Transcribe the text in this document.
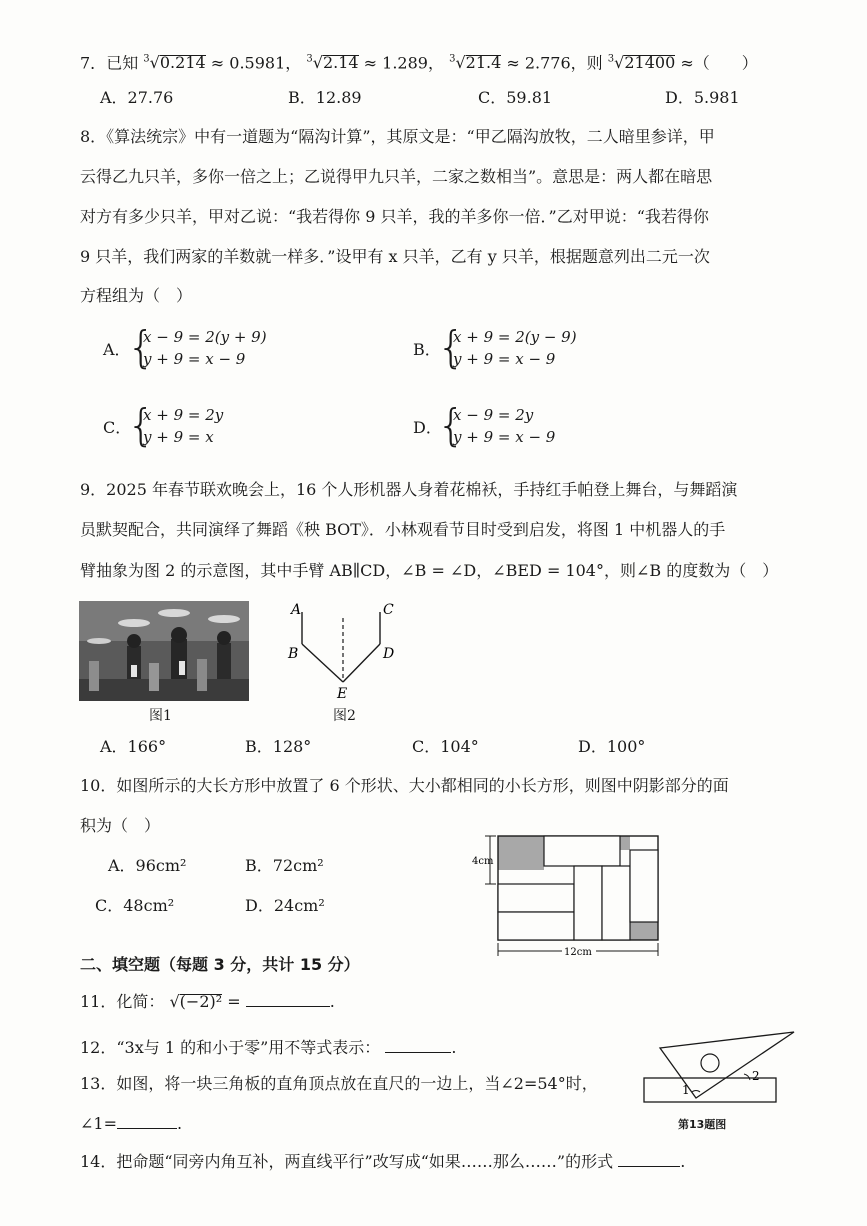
7．已知 $^3$√
0.214 ≈ 0.5981， $^3$√
2.14 ≈ 1.289， $^3$√
21.4 ≈ 2.776，则 $^3$√
21400 ≈（　　）
A．27.76	B．12.89	C．59.81	D．5.981
8．《算法统宗》中有一道题为“隔沟计算”，其原文是：“甲乙隔沟放牧，二人暗里参详，甲
云得乙九只羊，多你一倍之上；乙说得甲九只羊，二家之数相当”。意思是：两人都在暗思
对方有多少只羊，甲对乙说：“我若得你 9 只羊，我的羊多你一倍．”乙对甲说：“我若得你
9 只羊，我们两家的羊数就一样多．”设甲有 x 只羊，乙有 y 只羊，根据题意列出二元一次
方程组为（　）
A．
{
x − 9 = 2(y + 9)
y + 9 = x − 9	B．
{
x + 9 = 2(y − 9)
y + 9 = x − 9
C．
{
x + 9 = 2y
y + 9 = x	D．
{
x − 9 = 2y
y + 9 = x − 9
9．2025 年春节联欢晚会上，16 个人形机器人身着花棉袄，手持红手帕登上舞台，与舞蹈演
员默契配合，共同演绎了舞蹈《秧 BOT》．小林观看节目时受到启发，将图 1 中机器人的手
臂抽象为图 2 的示意图，其中手臂 AB∥CD，∠B = ∠D，∠BED = 104°，则∠B 的度数为（　）
图1
A
B
C
D
E
图2
A．166°	B．128°	C．104°	D．100°
10．如图所示的大长方形中放置了 6 个形状、大小都相同的小长方形，则图中阴影部分的面
积为（　）
A．96cm²	B．72cm²
C．48cm²	D．24cm²
4cm
12cm
二、填空题（每题 3 分，共计 15 分）
11．化简： √
(−2)² =	.
12．“3x与 1 的和小于零”用不等式表示：	.
13．如图，将一块三角板的直角顶点放在直尺的一边上，当∠2=54°时，
∠1=	.
1
2
第13题图
14．把命题“同旁内角互补，两直线平行”改写成“如果……那么……”的形式	.
